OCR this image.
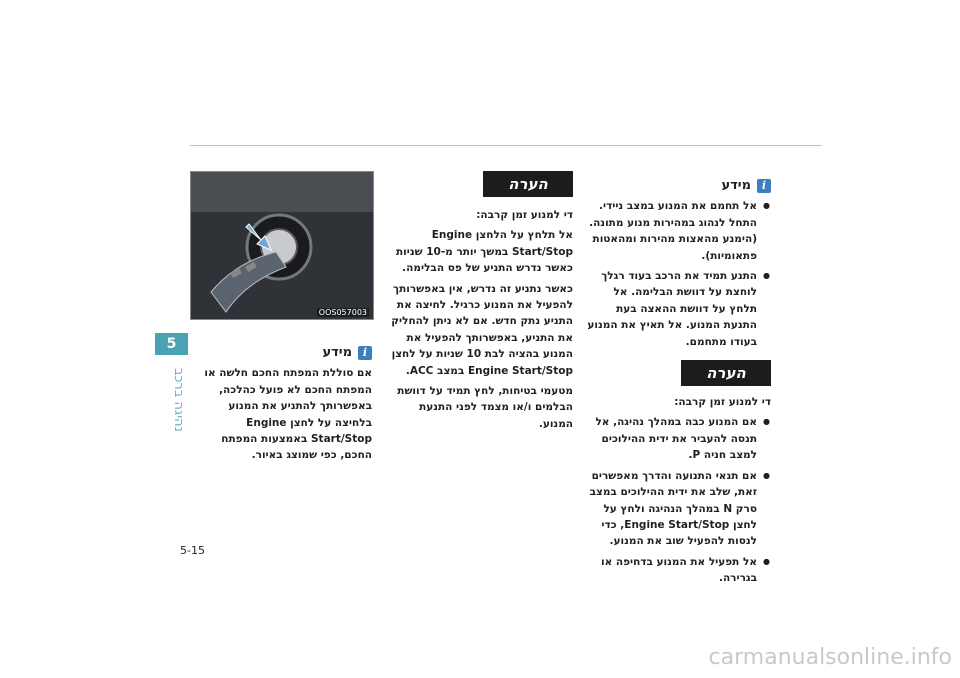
5
נהיגה ברכב
OOS057003
i
מידע

אם סוללת המפתח החכם חלשה או המפתח החכם לא פועל כהלכה, באפשרותך להתניע את המנוע בלחיצה על לחצן Engine Start/Stop באמצעות המפתח החכם, כפי שמוצג באיור.

הערה

די למנוע זמן קרבה:

אל תלחץ על הלחצן Engine Start/Stop במשך יותר מ-10 שניות כאשר נדרש התניע של פס הבלימה.

כאשר נתניע זה נדרש, אין באפשרותך להפעיל את המנוע כרגיל. לחיצה את התניע נתק חדש. אם לא ניתן להחליק את התניע, באפשרותך להפעיל את המנוע בהציה לבת 10 שניות על לחצן Engine Start/Stop במצב ACC.

מטעמי בטיחות, לחץ תמיד על דוושת הבלמים ו/או מצמד לפני התנעת המנוע.

i
מידע
● אל תחמם את המנוע במצב ניידי. התחל לנהוג במהירות מנוע מתונה. (הימנע מהאצות מהירות ומהאטות פתאומיות).
● התנע תמיד את הרכב בעוד רגלך לוחצת על דוושת הבלימה. אל תלחץ על דוושת ההאצה בעת התנעת המנוע. אל תאיץ את המנוע בעודו מתחמם.
הערה

די למנוע זמן קרבה:

● אם המנוע כבה במהלך נהיגה, אל תנסה להעביר את ידית ההילוכים למצב חניה P.
● אם תנאי התנועה והדרך מאפשרים זאת, שלב את ידית ההילוכים במצב סרק N במהלך הנהיגה ולחץ על לחצן Engine Start/Stop, כדי לנסות להפעיל שוב את המנוע.
● אל תפעיל את המנוע בדחיפה או בגרירה.
5-15
carmanualsonline.info
